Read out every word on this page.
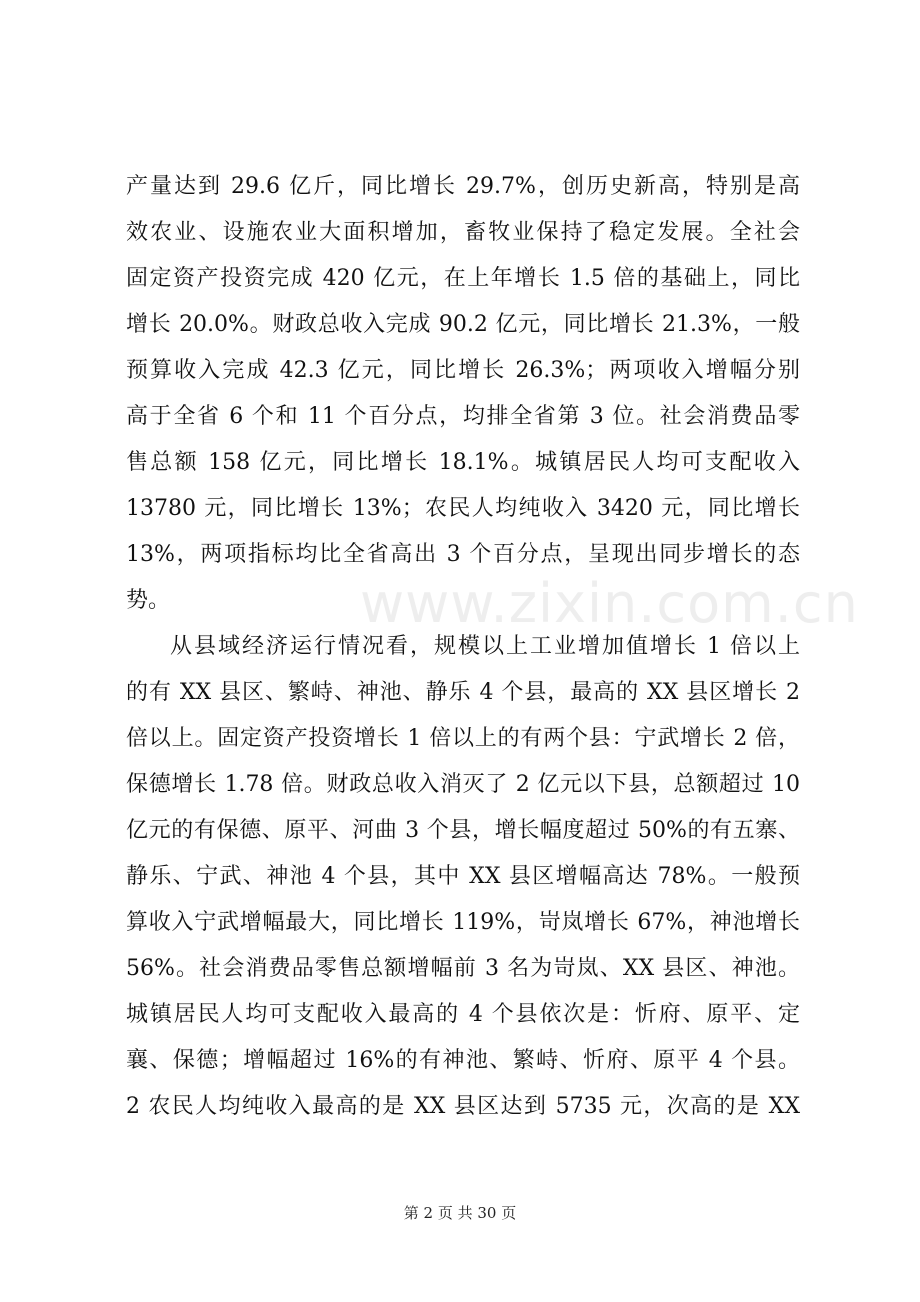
www.zixin.com.cn
产量达到 29.6 亿斤，同比增长 29.7%，创历史新高，特别是高
效农业、设施农业大面积增加，畜牧业保持了稳定发展。全社会
固定资产投资完成 420 亿元，在上年增长 1.5 倍的基础上，同比
增长 20.0%。财政总收入完成 90.2 亿元，同比增长 21.3%，一般
预算收入完成 42.3 亿元，同比增长 26.3%；两项收入增幅分别
高于全省 6 个和 11 个百分点，均排全省第 3 位。社会消费品零
售总额 158 亿元，同比增长 18.1%。城镇居民人均可支配收入
13780 元，同比增长 13%；农民人均纯收入 3420 元，同比增长
13%，两项指标均比全省高出 3 个百分点，呈现出同步增长的态
势。
从县域经济运行情况看，规模以上工业增加值增长 1 倍以上
的有 XX 县区、繁峙、神池、静乐 4 个县，最高的 XX 县区增长 2
倍以上。固定资产投资增长 1 倍以上的有两个县：宁武增长 2 倍，
保德增长 1.78 倍。财政总收入消灭了 2 亿元以下县，总额超过 10
亿元的有保德、原平、河曲 3 个县，增长幅度超过 50%的有五寨、
静乐、宁武、神池 4 个县，其中 XX 县区增幅高达 78%。一般预
算收入宁武增幅最大，同比增长 119%，岢岚增长 67%，神池增长
56%。社会消费品零售总额增幅前 3 名为岢岚、XX 县区、神池。
城镇居民人均可支配收入最高的 4 个县依次是：忻府、原平、定
襄、保德；增幅超过 16%的有神池、繁峙、忻府、原平 4 个县。
2 农民人均纯收入最高的是 XX 县区达到 5735 元，次高的是 XX
第 2 页 共 30 页
